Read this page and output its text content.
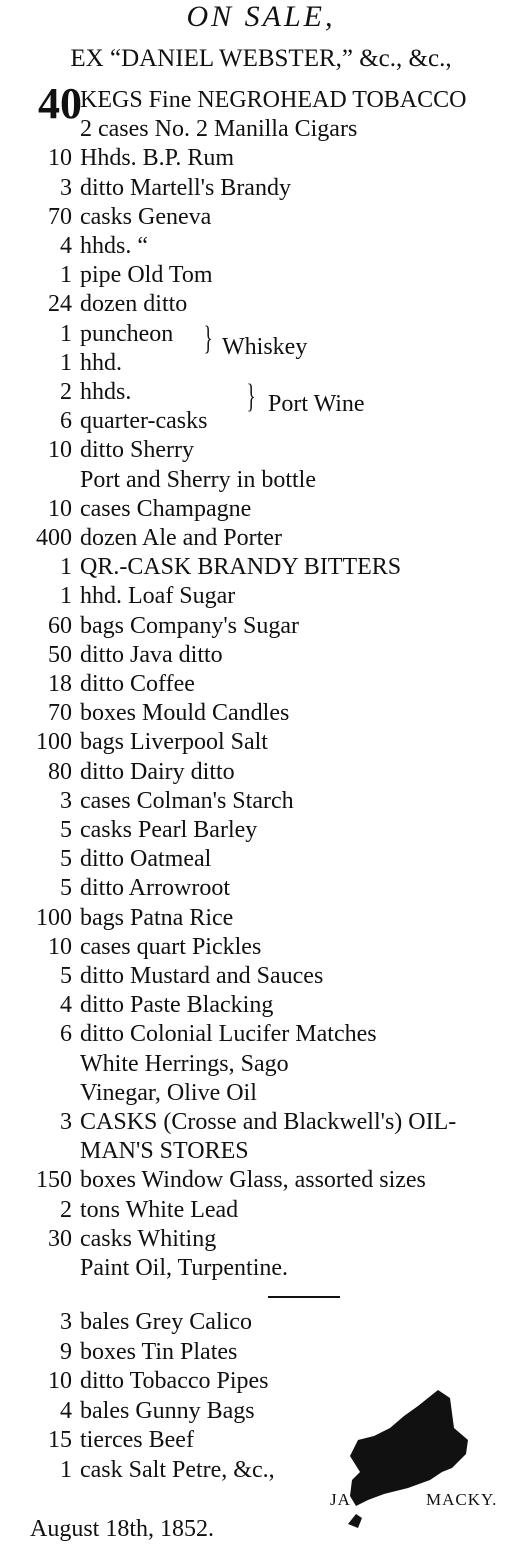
ON SALE,
EX “DANIEL WEBSTER,” &c., &c.,
40
KEGS Fine NEGROHEAD TOBACCO
2 cases No. 2 Manilla Cigars
10 Hhds. B.P. Rum
3 ditto Martell's Brandy
70 casks Geneva
4 hhds. “
1 pipe Old Tom
24 dozen ditto
1 puncheon
1 hhd.
2 hhds.
6 quarter-casks
10 ditto Sherry
Port and Sherry in bottle
10 cases Champagne
400 dozen Ale and Porter
1 QR.-CASK BRANDY BITTERS
1 hhd. Loaf Sugar
60 bags Company's Sugar
50 ditto Java ditto
18 ditto Coffee
70 boxes Mould Candles
100 bags Liverpool Salt
80 ditto Dairy ditto
3 cases Colman's Starch
5 casks Pearl Barley
5 ditto Oatmeal
5 ditto Arrowroot
100 bags Patna Rice
10 cases quart Pickles
5 ditto Mustard and Sauces
4 ditto Paste Blacking
6 ditto Colonial Lucifer Matches
White Herrings, Sago
Vinegar, Olive Oil
3 CASKS (Crosse and Blackwell's) OIL-
MAN'S STORES
150 boxes Window Glass, assorted sizes
2 tons White Lead
30 casks Whiting
Paint Oil, Turpentine.
} Whiskey
} Port Wine
3 bales Grey Calico
9 boxes Tin Plates
10 ditto Tobacco Pipes
4 bales Gunny Bags
15 tierces Beef
1 cask Salt Petre, &c.,
JA	MACKY.
August 18th, 1852.
